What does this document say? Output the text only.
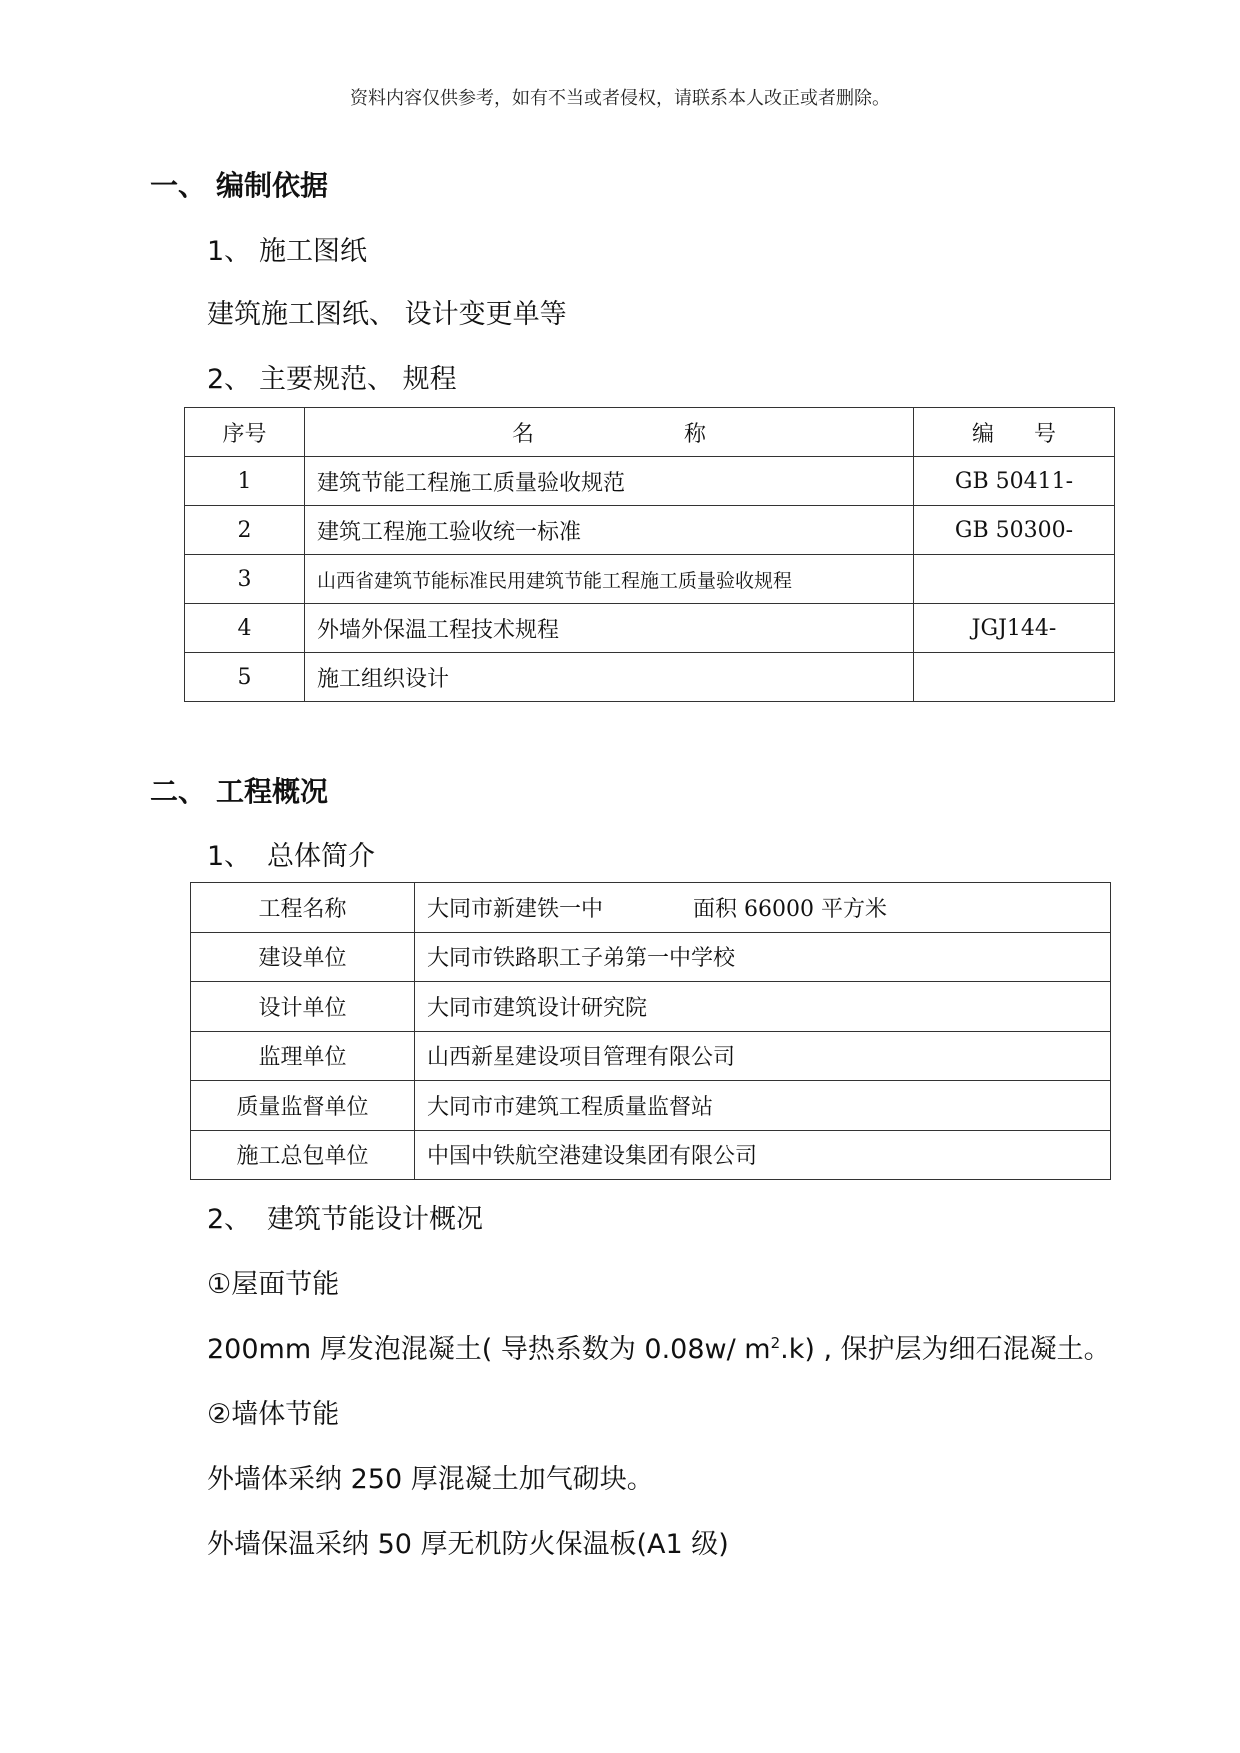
资料内容仅供参考，如有不当或者侵权，请联系本人改正或者删除。
一、 编制依据
1、 施工图纸
建筑施工图纸、 设计变更单等
2、 主要规范、 规程
序号	名 称	编 号
1	建筑节能工程施工质量验收规范	GB 50411-
2	建筑工程施工验收统一标准	GB 50300-
3	山西省建筑节能标准民用建筑节能工程施工质量验收规程	
4	外墙外保温工程技术规程	JGJ144-
5	施工组织设计	
二、 工程概况
1、 总体简介
工程名称	大同市新建铁一中 面积 66000 平方米
建设单位	大同市铁路职工子弟第一中学校
设计单位	大同市建筑设计研究院
监理单位	山西新星建设项目管理有限公司
质量监督单位	大同市市建筑工程质量监督站
施工总包单位	中国中铁航空港建设集团有限公司
2、 建筑节能设计概况
①屋面节能
200mm 厚发泡混凝土( 导热系数为 0.08w/ $m^2.k$) , 保护层为细石混凝土。
②墙体节能
外墙体采纳 250 厚混凝土加气砌块。
外墙保温采纳 50 厚无机防火保温板(A1 级)
